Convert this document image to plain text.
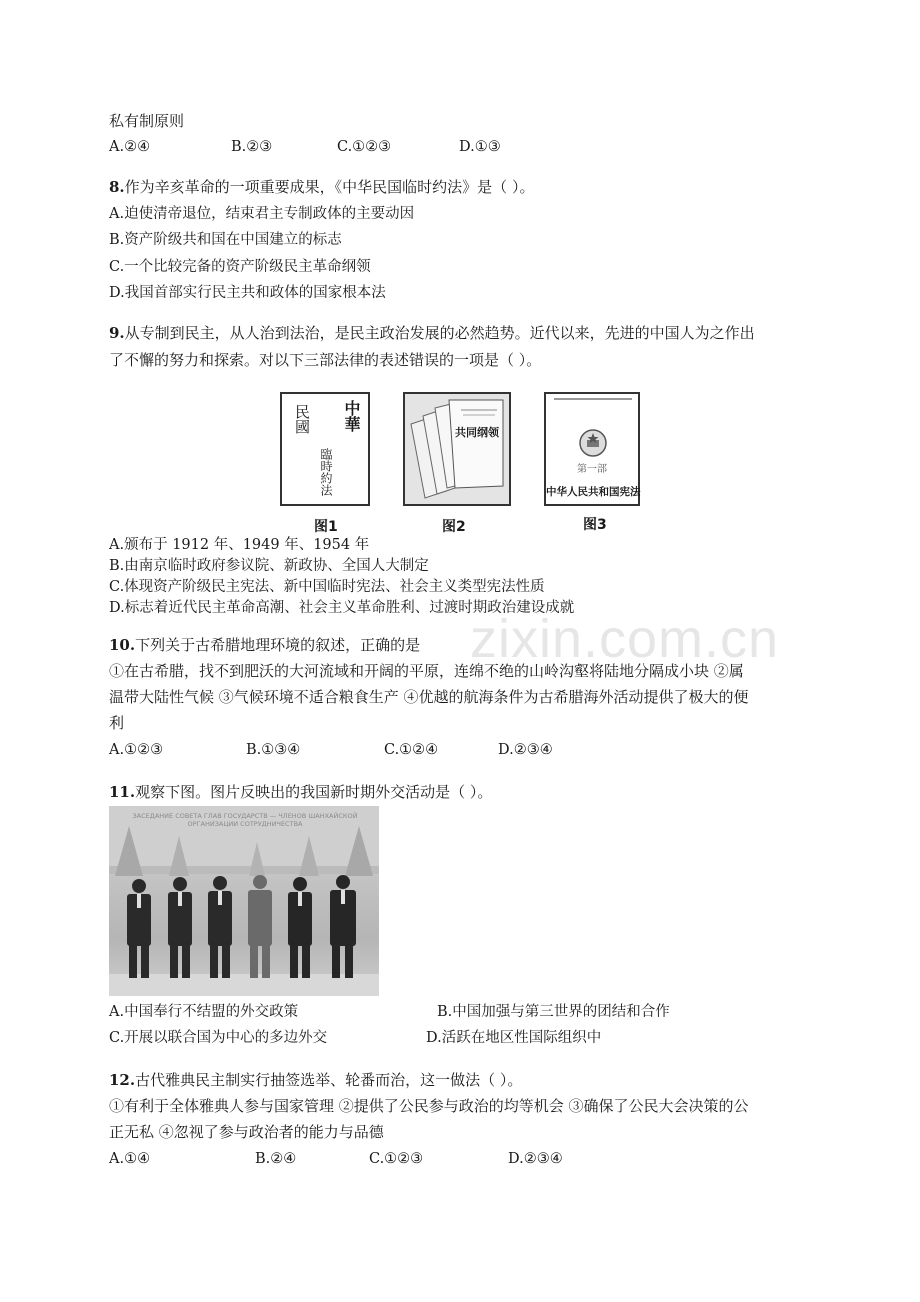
zixin.com.cn
私有制原则
A.②④	B.②③	C.①②③	D.①③
8.作为辛亥革命的一项重要成果，《中华民国临时约法》是（ ）。
A.迫使清帝退位，结束君主专制政体的主要动因
B.资产阶级共和国在中国建立的标志
C.一个比较完备的资产阶级民主革命纲领
D.我国首部实行民主共和政体的国家根本法
9.从专制到民主，从人治到法治，是民主政治发展的必然趋势。近代以来，先进的中国人为之作出
了不懈的努力和探索。对以下三部法律的表述错误的一项是（ ）。
中華
民國
臨時約法
图1
共同纲领
图2
第一部
中华人民共和国宪法
图3
A.颁布于 1912 年、1949 年、1954 年
B.由南京临时政府参议院、新政协、全国人大制定
C.体现资产阶级民主宪法、新中国临时宪法、社会主义类型宪法性质
D.标志着近代民主革命高潮、社会主义革命胜利、过渡时期政治建设成就
10.下列关于古希腊地理环境的叙述，正确的是
①在古希腊，找不到肥沃的大河流域和开阔的平原，连绵不绝的山岭沟壑将陆地分隔成小块 ②属
温带大陆性气候 ③气候环境不适合粮食生产 ④优越的航海条件为古希腊海外活动提供了极大的便
利
A.①②③	B.①③④	C.①②④	D.②③④
11.观察下图。图片反映出的我国新时期外交活动是（ ）。
ЗАСЕДАНИЕ СОВЕТА ГЛАВ ГОСУДАРСТВ — ЧЛЕНОВ ШАНХАЙСКОЙ ОРГАНИЗАЦИИ СОТРУДНИЧЕСТВА
A.中国奉行不结盟的外交政策	B.中国加强与第三世界的团结和合作
C.开展以联合国为中心的多边外交	D.活跃在地区性国际组织中
12.古代雅典民主制实行抽签选举、轮番而治，这一做法（ ）。
①有利于全体雅典人参与国家管理 ②提供了公民参与政治的均等机会 ③确保了公民大会决策的公
正无私 ④忽视了参与政治者的能力与品德
A.①④	B.②④	C.①②③	D.②③④
